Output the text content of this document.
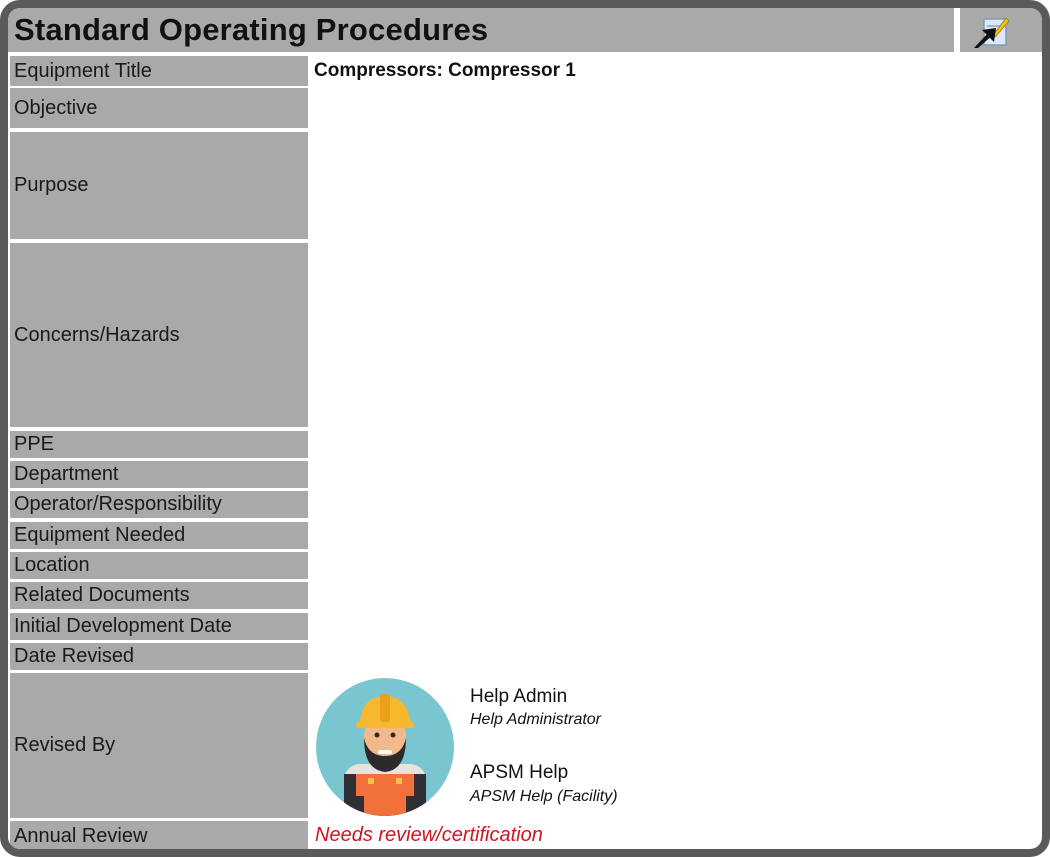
Standard Operating Procedures
Equipment Title
Objective
Purpose
Concerns/Hazards
PPE
Department
Operator/Responsibility
Equipment Needed
Location
Related Documents
Initial Development Date
Date Revised
Revised By
Annual Review
Compressors: Compressor 1
Help Admin
Help Administrator
APSM Help
APSM Help (Facility)
Needs review/certification
